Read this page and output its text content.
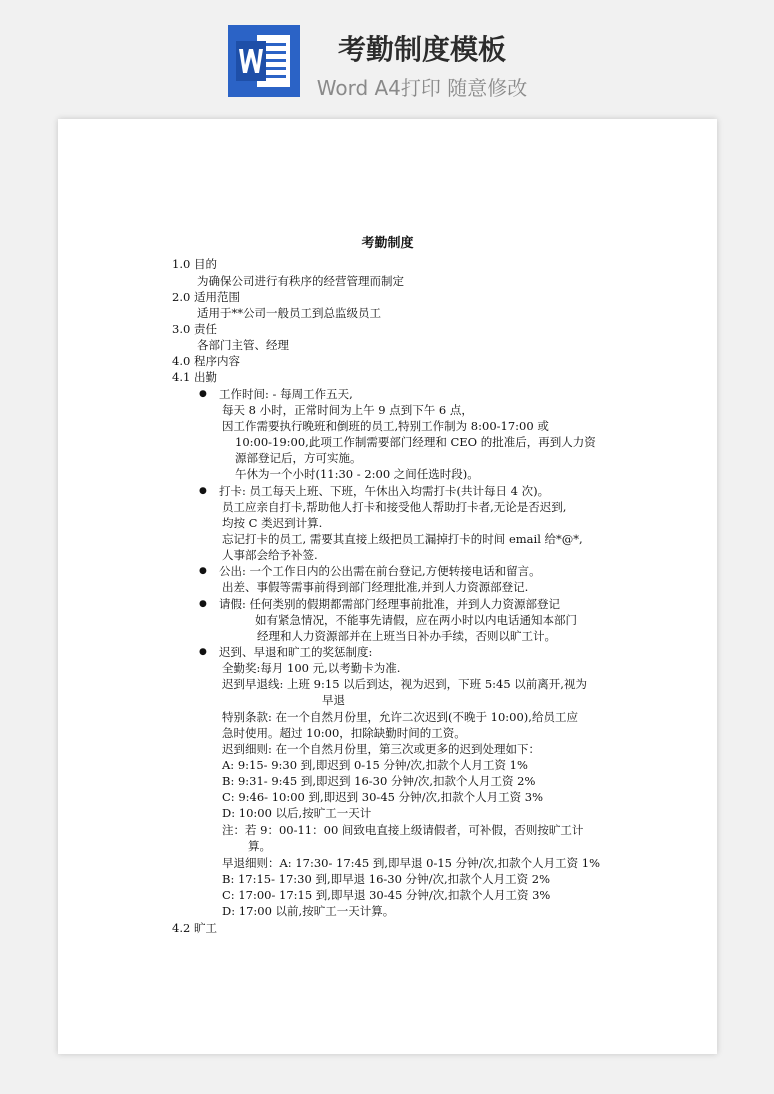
考勤制度模板
Word A4打印 随意修改
考勤制度
1.0 目的
为确保公司进行有秩序的经营管理而制定
2.0 适用范围
适用于**公司一般员工到总监级员工
3.0 责任
各部门主管、经理
4.0 程序内容
4.1 出勤
● 工作时间: - 每周工作五天,
每天 8 小时，正常时间为上午 9 点到下午 6 点，
因工作需要执行晚班和倒班的员工,特别工作制为 8:00-17:00 或
10:00-19:00,此项工作制需要部门经理和 CEO 的批准后，再到人力资
源部登记后，方可实施。
午休为一个小时(11:30 - 2:00 之间任选时段)。
● 打卡: 员工每天上班、下班，午休出入均需打卡(共计每日 4 次)。
员工应亲自打卡,帮助他人打卡和接受他人帮助打卡者,无论是否迟到,
均按 C 类迟到计算.
忘记打卡的员工, 需要其直接上级把员工漏掉打卡的时间 email 给*@*,
人事部会给予补签.
● 公出: 一个工作日内的公出需在前台登记,方便转接电话和留言。
出差、事假等需事前得到部门经理批准,并到人力资源部登记.
● 请假: 任何类别的假期都需部门经理事前批准，并到人力资源部登记
如有紧急情况，不能事先请假，应在两小时以内电话通知本部门
经理和人力资源部并在上班当日补办手续，否则以旷工计。
● 迟到、早退和旷工的奖惩制度:
全勤奖:每月 100 元,以考勤卡为准.
迟到早退线: 上班 9:15 以后到达，视为迟到，下班 5:45 以前离开,视为
早退
特别条款: 在一个自然月份里，允许二次迟到(不晚于 10:00),给员工应
急时使用。超过 10:00，扣除缺勤时间的工资。
迟到细则: 在一个自然月份里，第三次或更多的迟到处理如下：
A: 9:15- 9:30 到,即迟到 0-15 分钟/次,扣款个人月工资 1%
B: 9:31- 9:45 到,即迟到 16-30 分钟/次,扣款个人月工资 2%
C: 9:46- 10:00 到,即迟到 30-45 分钟/次,扣款个人月工资 3%
D: 10:00 以后,按旷工一天计
注：若 9：00-11：00 间致电直接上级请假者，可补假，否则按旷工计
算。
早退细则：A: 17:30- 17:45 到,即早退 0-15 分钟/次,扣款个人月工资 1%
B: 17:15- 17:30 到,即早退 16-30 分钟/次,扣款个人月工资 2%
C: 17:00- 17:15 到,即早退 30-45 分钟/次,扣款个人月工资 3%
D: 17:00 以前,按旷工一天计算。
4.2 旷工
